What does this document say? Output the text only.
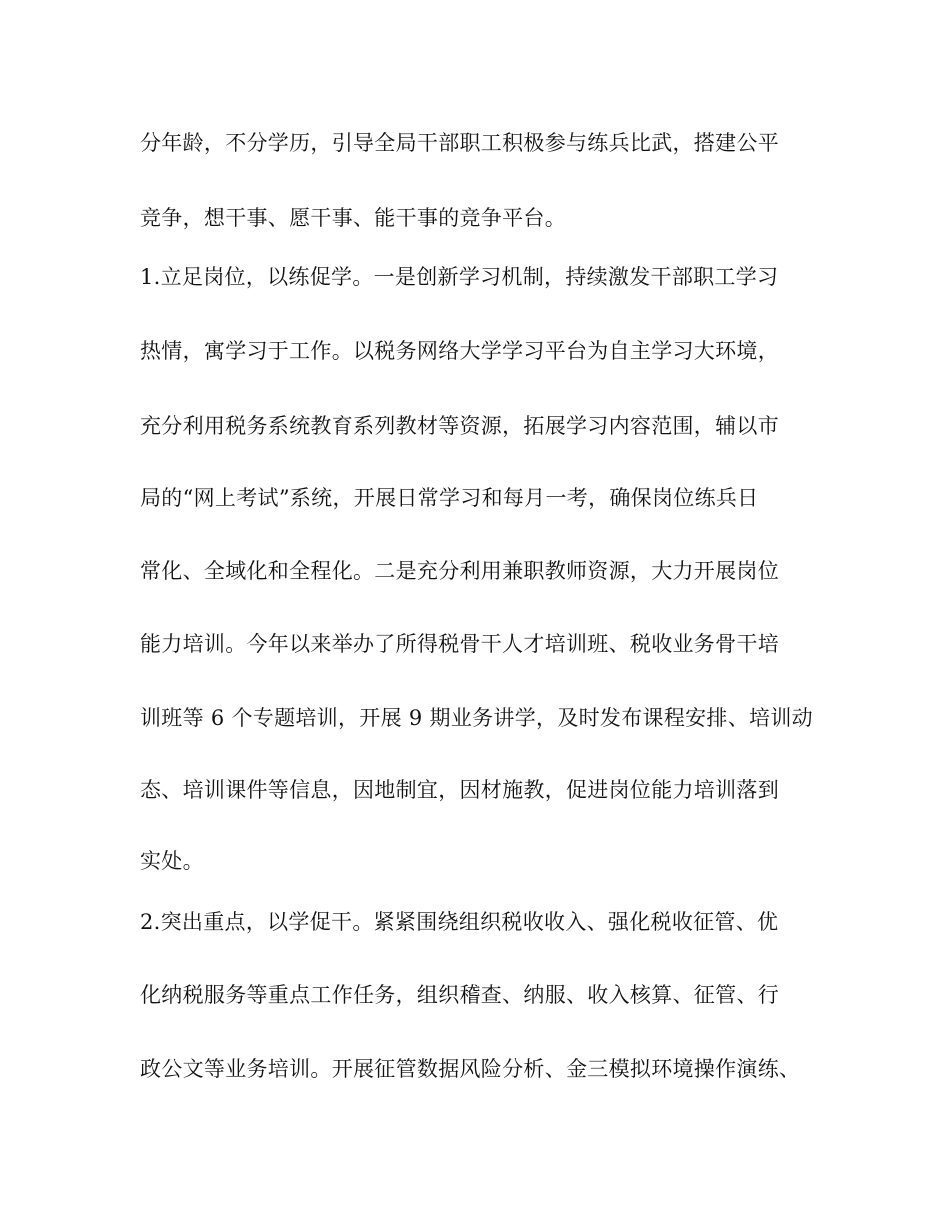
分年龄，不分学历，引导全局干部职工积极参与练兵比武，搭建公平
竞争，想干事、愿干事、能干事的竞争平台。
1.立足岗位，以练促学。一是创新学习机制，持续激发干部职工学习
热情，寓学习于工作。以税务网络大学学习平台为自主学习大环境，
充分利用税务系统教育系列教材等资源，拓展学习内容范围，辅以市
局的“网上考试”系统，开展日常学习和每月一考，确保岗位练兵日
常化、全域化和全程化。二是充分利用兼职教师资源，大力开展岗位
能力培训。今年以来举办了所得税骨干人才培训班、税收业务骨干培
训班等 6 个专题培训，开展 9 期业务讲学，及时发布课程安排、培训动
态、培训课件等信息，因地制宜，因材施教，促进岗位能力培训落到
实处。
2.突出重点，以学促干。紧紧围绕组织税收收入、强化税收征管、优
化纳税服务等重点工作任务，组织稽查、纳服、收入核算、征管、行
政公文等业务培训。开展征管数据风险分析、金三模拟环境操作演练、
